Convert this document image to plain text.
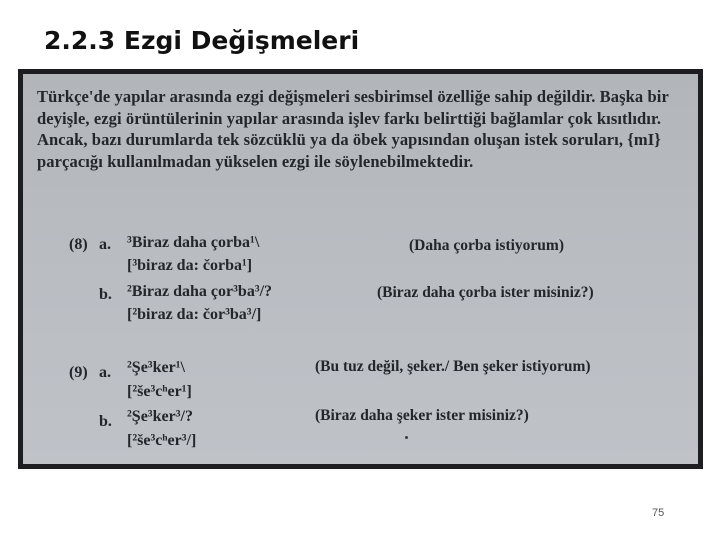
2.2.3 Ezgi Değişmeleri
Türkçe'de yapılar arasında ezgi değişmeleri sesbirimsel özelliğe sahip değildir. Başka bir deyişle, ezgi örüntülerinin yapılar arasında işlev farkı belirttiği bağlamlar çok kısıtlıdır. Ancak, bazı durumlarda tek sözcüklü ya da öbek yapısından oluşan istek soruları, {mI} parçacığı kullanılmadan yükselen ezgi ile söylenebilmektedir.
(8) a. ³Biraz daha çorba¹\
[³biraz da: čorba¹]
(Daha çorba istiyorum)
b. ²Biraz daha çor³ba³/?
[²biraz da: čor³ba³/]
(Biraz daha çorba ister misiniz?)
(9) a. ²Şe³ker¹\
[²še³cʰer¹]
(Bu tuz değil, şeker./ Ben şeker istiyorum)
b. ²Şe³ker³/?
[²še³cʰer³/]
(Biraz daha şeker ister misiniz?)
75
